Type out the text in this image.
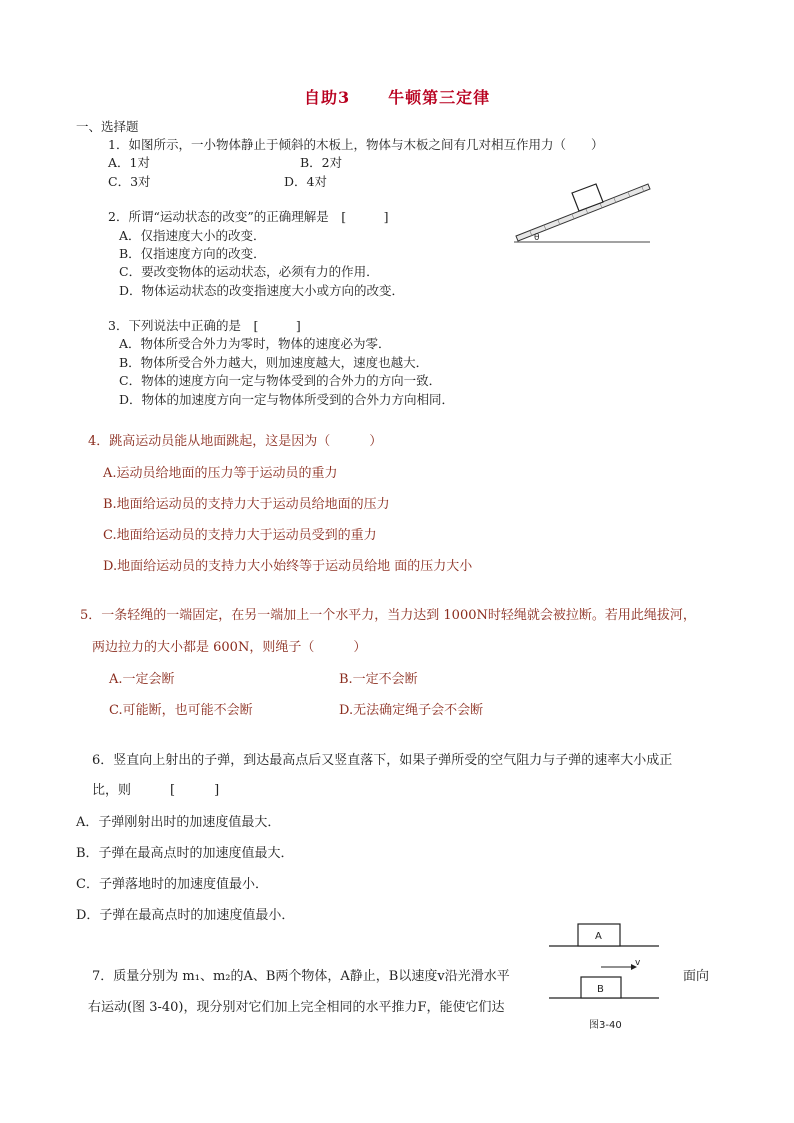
自助3 牛顿第三定律
一、选择题
1．如图所示，一小物体静止于倾斜的木板上，物体与木板之间有几对相互作用力（　　）
A．1对	B．2对
C．3对	D．4对
θ
2．所谓“运动状态的改变”的正确理解是　[　　　]
A．仅指速度大小的改变．
B．仅指速度方向的改变．
C．要改变物体的运动状态，必须有力的作用．
D．物体运动状态的改变指速度大小或方向的改变．
3．下列说法中正确的是　[　　　]
A．物体所受合外力为零时，物体的速度必为零．
B．物体所受合外力越大，则加速度越大，速度也越大．
C．物体的速度方向一定与物体受到的合外力的方向一致．
D．物体的加速度方向一定与物体所受到的合外力方向相同．
4．跳高运动员能从地面跳起，这是因为（　　　）
A.运动员给地面的压力等于运动员的重力
B.地面给运动员的支持力大于运动员给地面的压力
C.地面给运动员的支持力大于运动员受到的重力
D.地面给运动员的支持力大小始终等于运动员给地 面的压力大小
5．一条轻绳的一端固定，在另一端加上一个水平力，当力达到 1000N时轻绳就会被拉断。若用此绳拔河，
两边拉力的大小都是 600N，则绳子（　　　）
A.一定会断	B.一定不会断
C.可能断，也可能不会断	D.无法确定绳子会不会断
6．竖直向上射出的子弹，到达最高点后又竖直落下，如果子弹所受的空气阻力与子弹的速率大小成正
比，则　　　[　　　]
A．子弹刚射出时的加速度值最大．
B．子弹在最高点时的加速度值最大．
C．子弹落地时的加速度值最小．
D．子弹在最高点时的加速度值最小．
A
v
B
图3-40
7．质量分别为 m₁、m₂的A、B两个物体，A静止，B以速度v沿光滑水平	面向
右运动(图 3-40)，现分别对它们加上完全相同的水平推力F，能使它们达
